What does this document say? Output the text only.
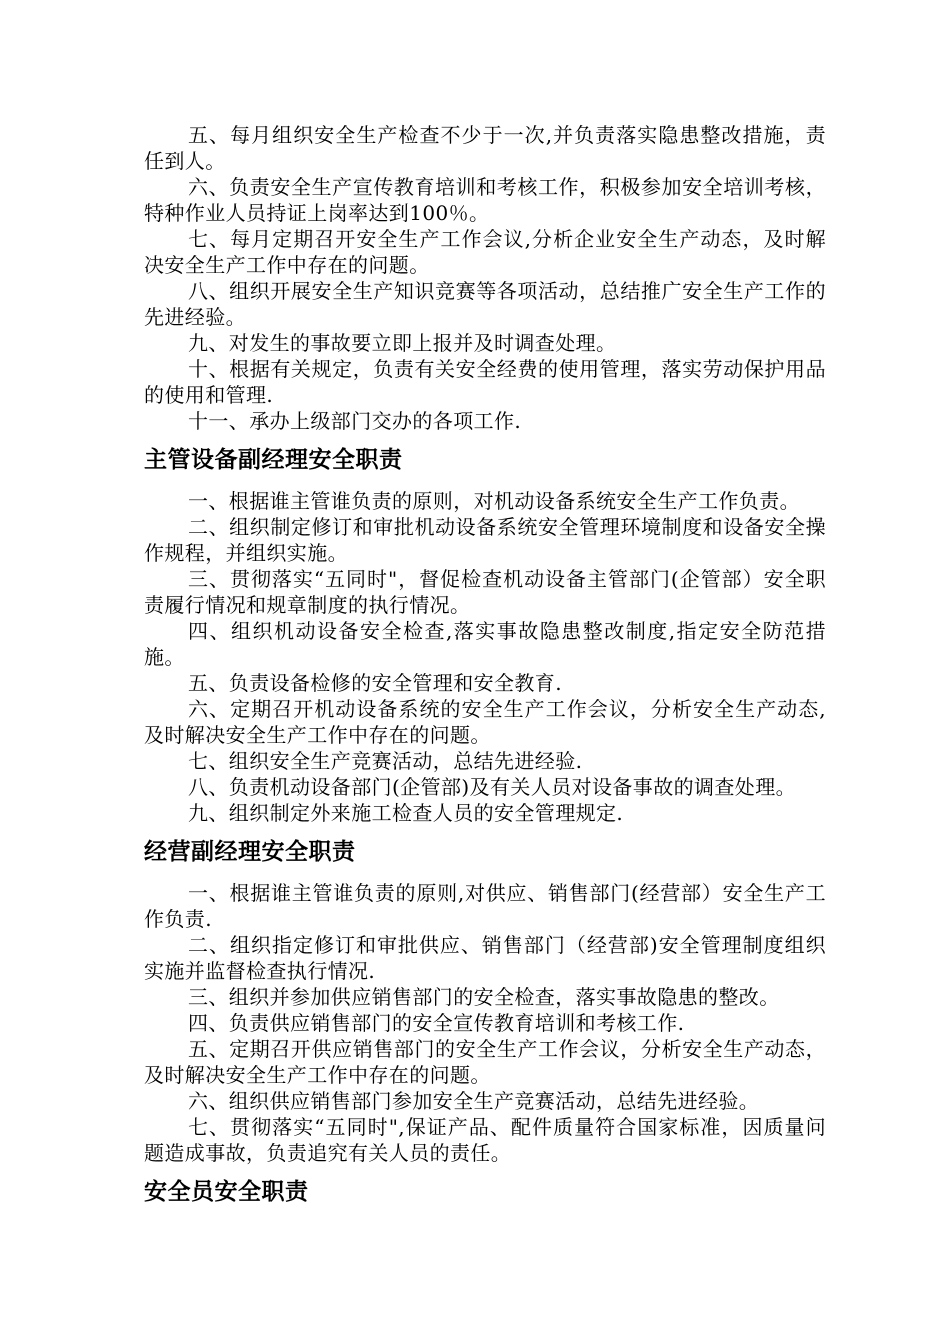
五、每月组织安全生产检查不少于一次,并负责落实隐患整改措施，责任到人。

六、负责安全生产宣传教育培训和考核工作，积极参加安全培训考核，特种作业人员持证上岗率达到100％。

七、每月定期召开安全生产工作会议,分析企业安全生产动态，及时解决安全生产工作中存在的问题。

八、组织开展安全生产知识竞赛等各项活动，总结推广安全生产工作的先进经验。

九、对发生的事故要立即上报并及时调查处理。

十、根据有关规定，负责有关安全经费的使用管理，落实劳动保护用品的使用和管理.

十一、承办上级部门交办的各项工作.

主管设备副经理安全职责

一、根据谁主管谁负责的原则，对机动设备系统安全生产工作负责。

二、组织制定修订和审批机动设备系统安全管理环境制度和设备安全操作规程，并组织实施。

三、贯彻落实“五同时"，督促检查机动设备主管部门(企管部）安全职责履行情况和规章制度的执行情况。

四、组织机动设备安全检查,落实事故隐患整改制度,指定安全防范措施。

五、负责设备检修的安全管理和安全教育.

六、定期召开机动设备系统的安全生产工作会议，分析安全生产动态,及时解决安全生产工作中存在的问题。

七、组织安全生产竞赛活动，总结先进经验.

八、负责机动设备部门(企管部)及有关人员对设备事故的调查处理。

九、组织制定外来施工检查人员的安全管理规定.

经营副经理安全职责

一、根据谁主管谁负责的原则,对供应、销售部门(经营部）安全生产工作负责.

二、组织指定修订和审批供应、销售部门（经营部)安全管理制度组织实施并监督检查执行情况.

三、组织并参加供应销售部门的安全检查，落实事故隐患的整改。

四、负责供应销售部门的安全宣传教育培训和考核工作.

五、定期召开供应销售部门的安全生产工作会议，分析安全生产动态，及时解决安全生产工作中存在的问题。

六、组织供应销售部门参加安全生产竞赛活动，总结先进经验。

七、贯彻落实“五同时",保证产品、配件质量符合国家标准，因质量问题造成事故，负责追究有关人员的责任。

安全员安全职责
